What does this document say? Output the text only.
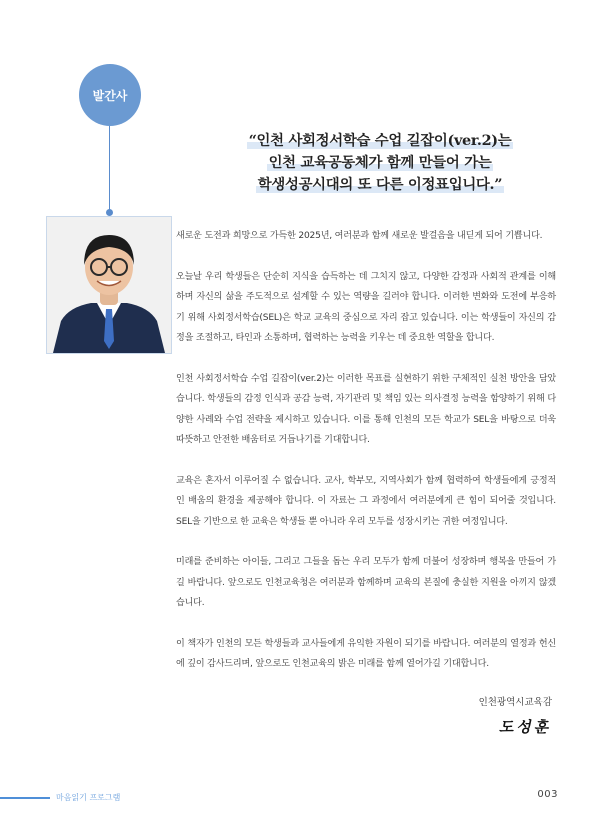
발간사
“인천 사회정서학습 수업 길잡이(ver.2)는
인천 교육공동체가 함께 만들어 가는
학생성공시대의 또 다른 이정표입니다.”

새로운 도전과 희망으로 가득한 2025년, 여러분과 함께 새로운 발걸음을 내딛게 되어 기쁩니다.

오늘날 우리 학생들은 단순히 지식을 습득하는 데 그치지 않고, 다양한 감정과 사회적 관계를 이해하며 자신의 삶을 주도적으로 설계할 수 있는 역량을 길러야 합니다. 이러한 변화와 도전에 부응하기 위해 사회정서학습(SEL)은 학교 교육의 중심으로 자리 잡고 있습니다. 이는 학생들이 자신의 감정을 조절하고, 타인과 소통하며, 협력하는 능력을 키우는 데 중요한 역할을 합니다.

인천 사회정서학습 수업 길잡이(ver.2)는 이러한 목표를 실현하기 위한 구체적인 실천 방안을 담았습니다. 학생들의 감정 인식과 공감 능력, 자기관리 및 책임 있는 의사결정 능력을 함양하기 위해 다양한 사례와 수업 전략을 제시하고 있습니다. 이를 통해 인천의 모든 학교가 SEL을 바탕으로 더욱 따뜻하고 안전한 배움터로 거듭나기를 기대합니다.

교육은 혼자서 이루어질 수 없습니다. 교사, 학부모, 지역사회가 함께 협력하여 학생들에게 긍정적인 배움의 환경을 제공해야 합니다. 이 자료는 그 과정에서 여러분에게 큰 힘이 되어줄 것입니다. SEL을 기반으로 한 교육은 학생들 뿐 아니라 우리 모두를 성장시키는 귀한 여정입니다.

미래를 준비하는 아이들, 그리고 그들을 돕는 우리 모두가 함께 더불어 성장하며 행복을 만들어 가길 바랍니다. 앞으로도 인천교육청은 여러분과 함께하며 교육의 본질에 충실한 지원을 아끼지 않겠습니다.

이 책자가 인천의 모든 학생들과 교사들에게 유익한 자원이 되기를 바랍니다. 여러분의 열정과 헌신에 깊이 감사드리며, 앞으로도 인천교육의 밝은 미래를 함께 열어가길 기대합니다.

인천광역시교육감
도성훈
마음읽기 프로그램	003
